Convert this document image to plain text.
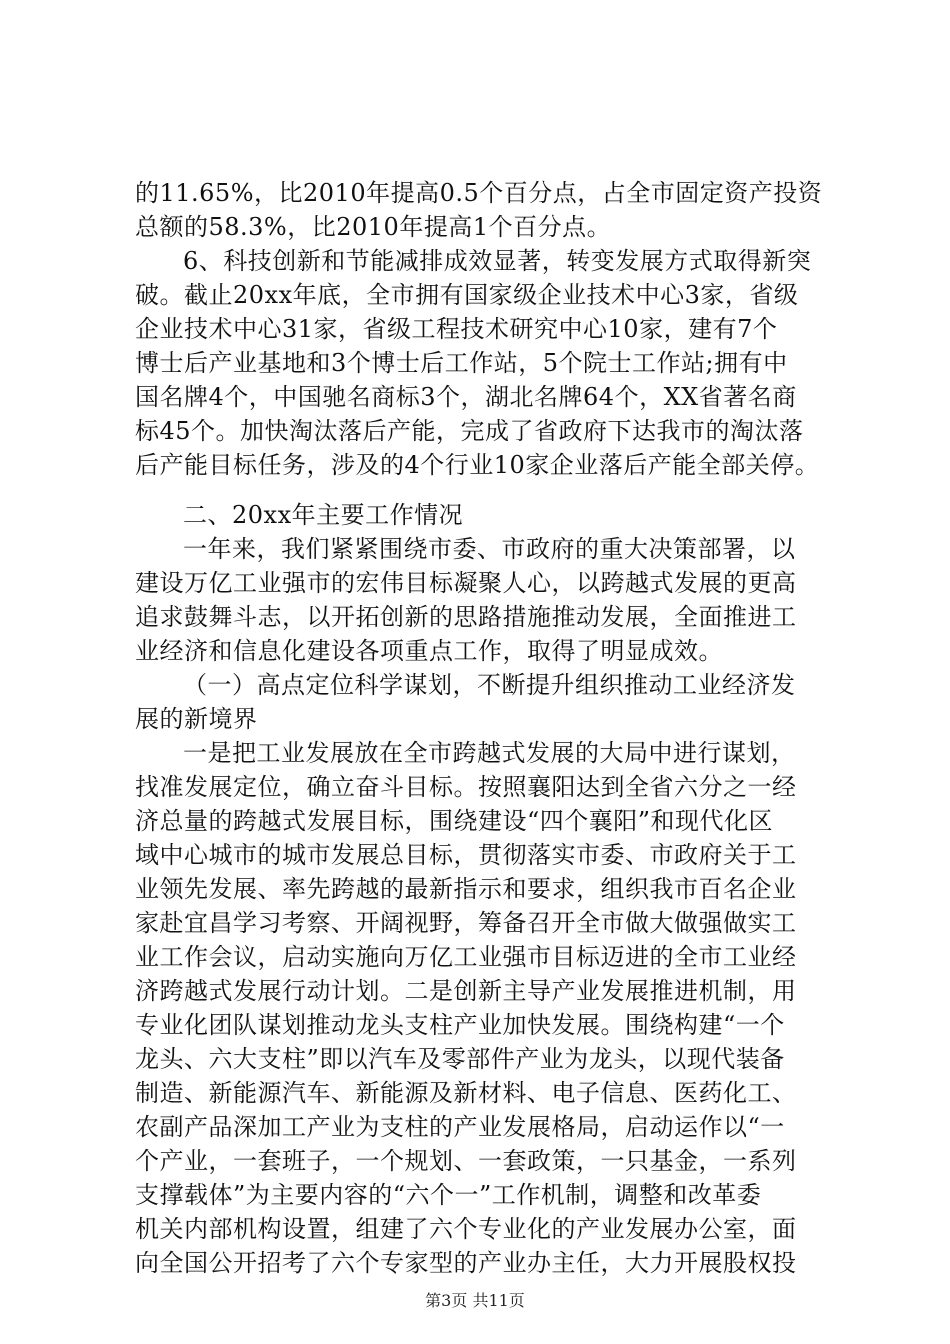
的11.65%，比2010年提高0.5个百分点，占全市固定资产投资
总额的58.3%，比2010年提高1个百分点。
6、科技创新和节能减排成效显著，转变发展方式取得新突
破。截止20xx年底，全市拥有国家级企业技术中心3家，省级
企业技术中心31家，省级工程技术研究中心10家，建有7个
博士后产业基地和3个博士后工作站，5个院士工作站;拥有中
国名牌4个，中国驰名商标3个，湖北名牌64个，XX省著名商
标45个。加快淘汰落后产能，完成了省政府下达我市的淘汰落
后产能目标任务，涉及的4个行业10家企业落后产能全部关停。
二、20xx年主要工作情况
一年来，我们紧紧围绕市委、市政府的重大决策部署，以
建设万亿工业强市的宏伟目标凝聚人心，以跨越式发展的更高
追求鼓舞斗志，以开拓创新的思路措施推动发展，全面推进工
业经济和信息化建设各项重点工作，取得了明显成效。
（一）高点定位科学谋划，不断提升组织推动工业经济发
展的新境界
一是把工业发展放在全市跨越式发展的大局中进行谋划，
找准发展定位，确立奋斗目标。按照襄阳达到全省六分之一经
济总量的跨越式发展目标，围绕建设“四个襄阳”和现代化区
域中心城市的城市发展总目标，贯彻落实市委、市政府关于工
业领先发展、率先跨越的最新指示和要求，组织我市百名企业
家赴宜昌学习考察、开阔视野，筹备召开全市做大做强做实工
业工作会议，启动实施向万亿工业强市目标迈进的全市工业经
济跨越式发展行动计划。二是创新主导产业发展推进机制，用
专业化团队谋划推动龙头支柱产业加快发展。围绕构建“一个
龙头、六大支柱”即以汽车及零部件产业为龙头，以现代装备
制造、新能源汽车、新能源及新材料、电子信息、医药化工、
农副产品深加工产业为支柱的产业发展格局，启动运作以“一
个产业，一套班子，一个规划、一套政策，一只基金，一系列
支撑载体”为主要内容的“六个一”工作机制，调整和改革委
机关内部机构设置，组建了六个专业化的产业发展办公室，面
向全国公开招考了六个专家型的产业办主任，大力开展股权投
第3页 共11页
